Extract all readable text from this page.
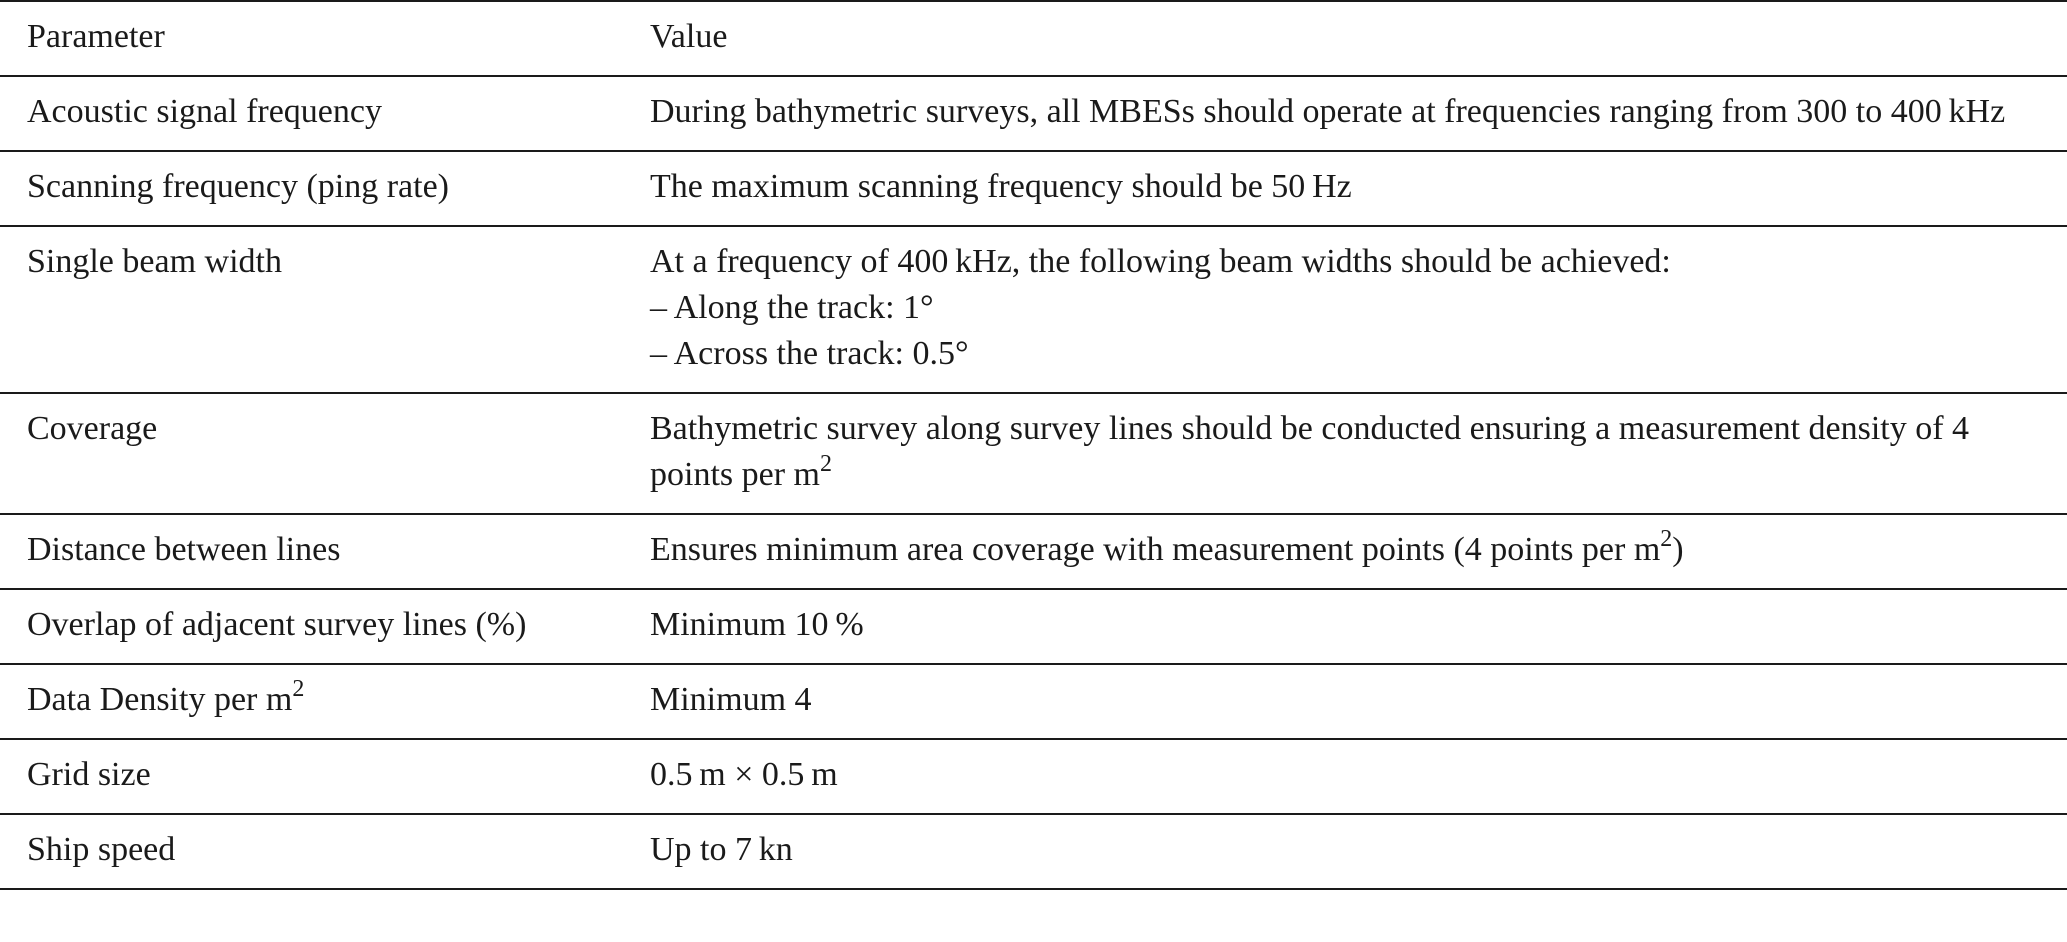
Parameter	Value

Acoustic signal frequency	During bathymetric surveys, all MBESs should operate at frequencies ranging from 300 to 400 kHz

Scanning frequency (ping rate)	The maximum scanning frequency should be 50 Hz

Single beam width	At a frequency of 400 kHz, the following beam widths should be achieved:
– Along the track: 1°
– Across the track: 0.5°

Coverage	Bathymetric survey along survey lines should be conducted ensuring a measurement density of 4 points per $m^2$

Distance between lines	Ensures minimum area coverage with measurement points (4 points per $m^2$)

Overlap of adjacent survey lines (%)	Minimum 10 %

Data Density per $m^2$	Minimum 4

Grid size	0.5 m × 0.5 m

Ship speed	Up to 7 kn
